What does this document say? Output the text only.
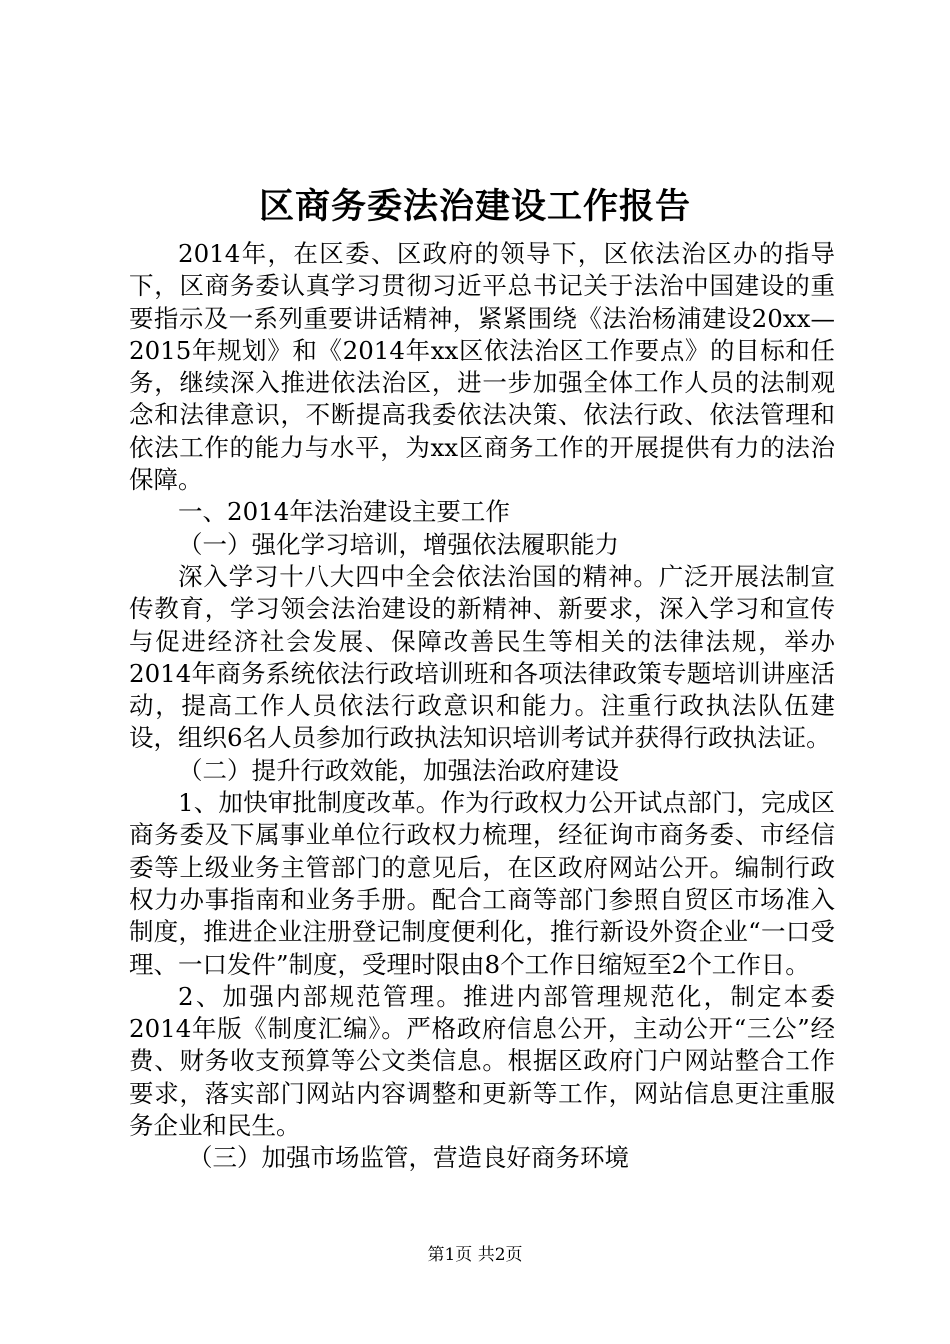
区商务委法治建设工作报告

2014年，在区委、区政府的领导下，区依法治区办的指导下，区商务委认真学习贯彻习近平总书记关于法治中国建设的重要指示及一系列重要讲话精神，紧紧围绕《法治杨浦建设20xx—2015年规划》和《2014年xx区依法治区工作要点》的目标和任务，继续深入推进依法治区，进一步加强全体工作人员的法制观念和法律意识，不断提高我委依法决策、依法行政、依法管理和依法工作的能力与水平，为xx区商务工作的开展提供有力的法治保障。

一、2014年法治建设主要工作

（一）强化学习培训，增强依法履职能力

深入学习十八大四中全会依法治国的精神。广泛开展法制宣传教育，学习领会法治建设的新精神、新要求，深入学习和宣传与促进经济社会发展、保障改善民生等相关的法律法规，举办2014年商务系统依法行政培训班和各项法律政策专题培训讲座活动，提高工作人员依法行政意识和能力。注重行政执法队伍建设，组织6名人员参加行政执法知识培训考试并获得行政执法证。

（二）提升行政效能，加强法治政府建设

1、加快审批制度改革。作为行政权力公开试点部门，完成区商务委及下属事业单位行政权力梳理，经征询市商务委、市经信委等上级业务主管部门的意见后，在区政府网站公开。编制行政权力办事指南和业务手册。配合工商等部门参照自贸区市场准入制度，推进企业注册登记制度便利化，推行新设外资企业“一口受理、一口发件”制度，受理时限由8个工作日缩短至2个工作日。

2、加强内部规范管理。推进内部管理规范化，制定本委2014年版《制度汇编》。严格政府信息公开，主动公开“三公”经费、财务收支预算等公文类信息。根据区政府门户网站整合工作要求，落实部门网站内容调整和更新等工作，网站信息更注重服务企业和民生。

（三）加强市场监管，营造良好商务环境

第1页 共2页
